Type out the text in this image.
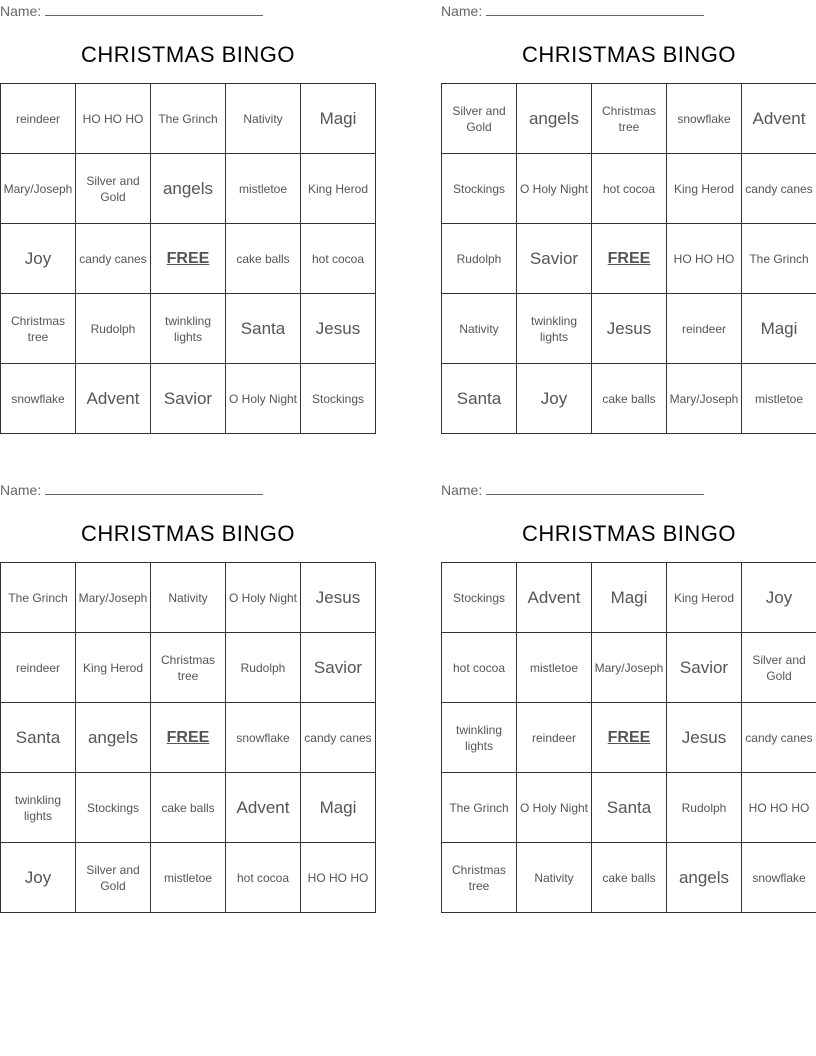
Name:
CHRISTMAS BINGO
reindeer	HO HO HO	The Grinch	Nativity	Magi
Mary/Joseph	Silver and Gold	angels	mistletoe	King Herod
Joy	candy canes	FREE	cake balls	hot cocoa
Christmas tree	Rudolph	twinkling lights	Santa	Jesus
snowflake	Advent	Savior	O Holy Night	Stockings
Name:
CHRISTMAS BINGO
Silver and Gold	angels	Christmas tree	snowflake	Advent
Stockings	O Holy Night	hot cocoa	King Herod	candy canes
Rudolph	Savior	FREE	HO HO HO	The Grinch
Nativity	twinkling lights	Jesus	reindeer	Magi
Santa	Joy	cake balls	Mary/Joseph	mistletoe
Name:
CHRISTMAS BINGO
The Grinch	Mary/Joseph	Nativity	O Holy Night	Jesus
reindeer	King Herod	Christmas tree	Rudolph	Savior
Santa	angels	FREE	snowflake	candy canes
twinkling lights	Stockings	cake balls	Advent	Magi
Joy	Silver and Gold	mistletoe	hot cocoa	HO HO HO
Name:
CHRISTMAS BINGO
Stockings	Advent	Magi	King Herod	Joy
hot cocoa	mistletoe	Mary/Joseph	Savior	Silver and Gold
twinkling lights	reindeer	FREE	Jesus	candy canes
The Grinch	O Holy Night	Santa	Rudolph	HO HO HO
Christmas tree	Nativity	cake balls	angels	snowflake
